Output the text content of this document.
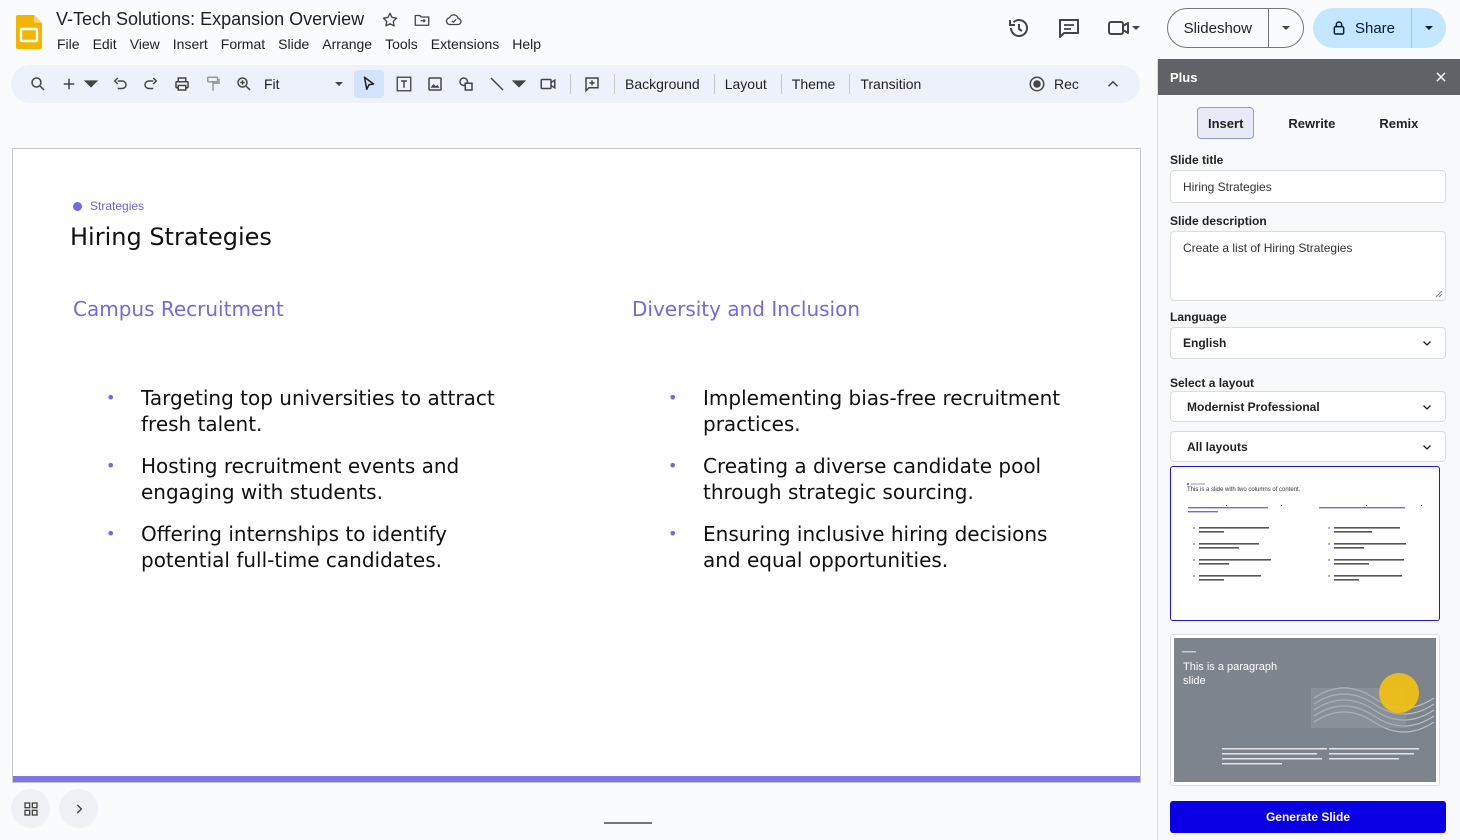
V-Tech Solutions: Expansion Overview
File Edit View Insert Format Slide Arrange Tools Extensions Help
Slideshow	Share
Fit	Background Layout Theme Transition	Rec
Strategies
Hiring Strategies
Campus Recruitment
• Targeting top universities to attract fresh talent.
• Hosting recruitment events and engaging with students.
• Offering internships to identify potential full-time candidates.
Diversity and Inclusion
• Implementing bias-free recruitment practices.
• Creating a diverse candidate pool through strategic sourcing.
• Ensuring inclusive hiring decisions and equal opportunities.
Plus
Insert	Rewrite	Remix
Slide title
Hiring Strategies
Slide description
Create a list of Hiring Strategies
Language
English
Select a layout
Modernist Professional
All layouts
This is a slide with two columns of content.
This is a paragraph slide
Generate Slide
